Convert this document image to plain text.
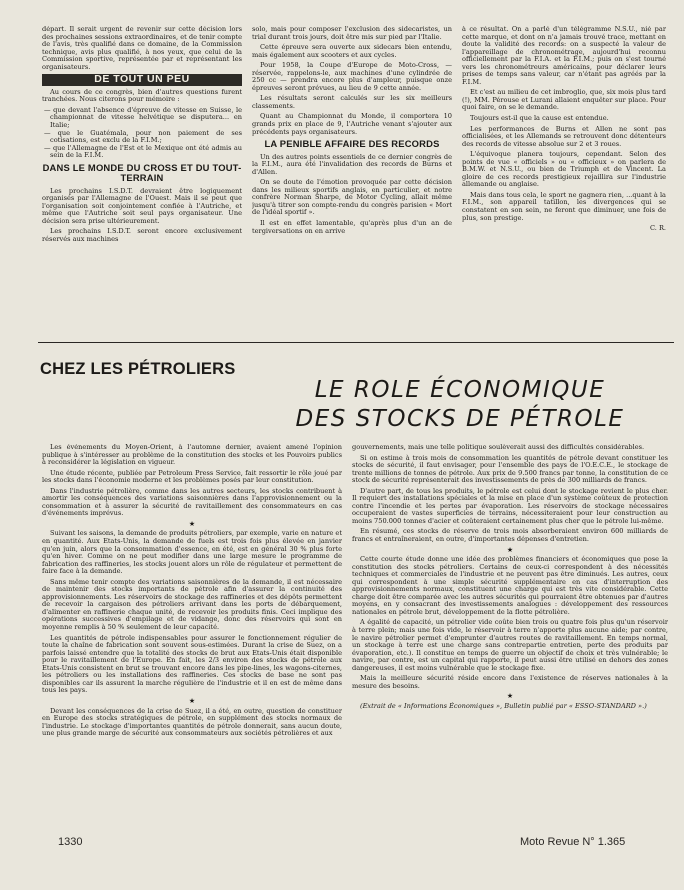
départ. Il serait urgent de revenir sur cette décision lors des prochaines sessions extraordinaires, et de tenir compte de l'avis, très qualifié dans ce domaine, de la Commission technique, avis plus qualifié, à nos yeux, que celui de la Commission sportive, représentée par et représentant les organisateurs.

DE TOUT UN PEU

Au cours de ce congrès, bien d'autres questions furent tranchées. Nous citerons pour mémoire :

— que devant l'absence d'épreuve de vitesse en Suisse, le championnat de vitesse helvétique se disputera... en Italie;
— que le Guatémala, pour non paiement de ses cotisations, est exclu de la F.I.M.;
— que l'Allemagne de l'Est et le Mexique ont été admis au sein de la F.I.M.
DANS LE MONDE DU CROSS ET DU TOUT-TERRAIN

Les prochains I.S.D.T. devraient être logiquement organisés par l'Allemagne de l'Ouest. Mais il se peut que l'organisation soit conjointement confiée à l'Autriche, et même que l'Autriche soit seul pays organisateur. Une décision sera prise ultérieurement.

Les prochains I.S.D.T. seront encore exclusivement réservés aux machines

solo, mais pour composer l'exclusion des sidecaristes, un trial durant trois jours, doit être mis sur pied par l'Italie.

Cette épreuve sera ouverte aux sidecars bien entendu, mais également aux scooters et aux cycles.

Pour 1958, la Coupe d'Europe de Moto-Cross, — réservée, rappelons-le, aux machines d'une cylindrée de 250 cc — prendra encore plus d'ampleur, puisque onze épreuves seront prévues, au lieu de 9 cette année.

Les résultats seront calculés sur les six meilleurs classements.

Quant au Championnat du Monde, il comportera 10 grands prix en place de 9, l'Autriche venant s'ajouter aux précédents pays organisateurs.

LA PENIBLE AFFAIRE DES RECORDS

Un des autres points essentiels de ce dernier congrès de la F.I.M., aura été l'invalidation des records de Burns et d'Allen.

On se doute de l'émotion provoquée par cette décision dans les milieux sportifs anglais, en particulier, et notre confrère Norman Sharpe, de Motor Cycling, allait même jusqu'à titrer son compte-rendu du congrès parisien « Mort de l'idéal sportif ».

Il est en effet lamentable, qu'après plus d'un an de tergiversations on en arrive

à ce résultat. On a parlé d'un télégramme N.S.U., nié par cette marque, et dont on n'a jamais trouvé trace, mettant en doute la validité des records: on a suspecté la valeur de l'appareillage de chronométrage, aujourd'hui reconnu officiellement par la F.I.A. et la F.I.M.; puis on s'est tourné vers les chronométreurs américains, pour déclarer leurs prises de temps sans valeur, car n'étant pas agréés par la F.I.M.

Et c'est au milieu de cet imbroglio, que, six mois plus tard (!), MM. Pérouse et Lurani allaient enquêter sur place. Pour quoi faire, on se le demande.

Toujours est-il que la cause est entendue.

Les performances de Burns et Allen ne sont pas officialisées, et les Allemands se retrouvent donc détenteurs des records de vitesse absolue sur 2 et 3 roues.

L'équivoque planera toujours, cependant. Selon des points de vue « officiels » ou « officieux » on parlera de B.M.W. et N.S.U., ou bien de Triumph et de Vincent. La gloire de ces records prestigieux rejaillira sur l'industrie allemande ou anglaise.

Mais dans tous cela, le sport ne gagnera rien, ...quant à la F.I.M., son appareil tatillon, les divergences qui se constatent en son sein, ne feront que diminuer, une fois de plus, son prestige.

C. R.
CHEZ LES PÉTROLIERS
LE ROLE ÉCONOMIQUE
DES STOCKS DE PÉTROLE

Les événements du Moyen-Orient, à l'automne dernier, avaient amené l'opinion publique à s'intéresser au problème de la constitution des stocks et les Pouvoirs publics à reconsidérer la législation en vigueur.

Une étude récente, publiée par Petroleum Press Service, fait ressortir le rôle joué par les stocks dans l'économie moderne et les problèmes posés par leur constitution.

Dans l'industrie pétrolière, comme dans les autres secteurs, les stocks contribuent à amortir les conséquences des variations saisonnières dans l'approvisionnement ou la consommation et à assurer la sécurité de ravitaillement des consommateurs en cas d'événements imprévus.

★

Suivant les saisons, la demande de produits pétroliers, par exemple, varie en nature et en quantité. Aux Etats-Unis, la demande de fuels est trois fois plus élevée en janvier qu'en juin, alors que la consommation d'essence, en été, est en général 30 % plus forte qu'en hiver. Comme on ne peut modifier dans une large mesure le programme de fabrication des raffineries, les stocks jouent alors un rôle de régulateur et permettent de faire face à la demande.

Sans même tenir compte des variations saisonnières de la demande, il est nécessaire de maintenir des stocks importants de pétrole afin d'assurer la continuité des approvisionnements. Les réservoirs de stockage des raffineries et des dépôts permettent de recevoir la cargaison des pétroliers arrivant dans les ports de débarquement, d'alimenter en raffinerie chaque unité, de recevoir les produits finis. Ceci implique des opérations successives d'empilage et de vidange, donc des réservoirs qui sont en moyenne remplis à 50 % seulement de leur capacité.

Les quantités de pétrole indispensables pour assurer le fonctionnement régulier de toute la chaîne de fabrication sont souvent sous-estimées. Durant la crise de Suez, on a parfois laissé entendre que la totalité des stocks de brut aux Etats-Unis était disponible pour le ravitaillement de l'Europe. En fait, les 2/3 environ des stocks de pétrole aux Etats-Unis consistent en brut se trouvant encore dans les pipe-lines, les wagons-citernes, les pétroliers ou les installations des raffineries. Ces stocks de base ne sont pas disponibles car ils assurent la marche régulière de l'industrie et il en est de même dans tous les pays.

★

Devant les conséquences de la crise de Suez, il a été, en outre, question de constituer en Europe des stocks stratégiques de pétrole, en supplément des stocks normaux de l'industrie. Le stockage d'importantes quantités de pétrole donnerait, sans aucun doute, une plus grande marge de sécurité aux consommateurs aux sociétés pétrolières et aux

gouvernements, mais une telle politique soulèverait aussi des difficultés considérables.

Si on estime à trois mois de consommation les quantités de pétrole devant constituer les stocks de sécurité, il faut envisager, pour l'ensemble des pays de l'O.E.C.E., le stockage de trente millions de tonnes de pétrole. Aux prix de 9.500 francs par tonne, la constitution de ce stock de sécurité représenterait des investissements de près de 300 milliards de francs.

D'autre part, de tous les produits, le pétrole est celui dont le stockage revient le plus cher. Il requiert des installations spéciales et la mise en place d'un système coûteux de protection contre l'incendie et les pertes par évaporation. Les réservoirs de stockage nécessaires occuperaient de vastes superficies de terrains, nécessiteraient pour leur construction au moins 750.000 tonnes d'acier et coûteraient certainement plus cher que le pétrole lui-même.

En résumé, ces stocks de réserve de trois mois absorberaient environ 600 milliards de francs et entraîneraient, en outre, d'importantes dépenses d'entretien.

★

Cette courte étude donne une idée des problèmes financiers et économiques que pose la constitution des stocks pétroliers. Certains de ceux-ci correspondent à des nécessités techniques et commerciales de l'industrie et ne peuvent pas être diminués. Les autres, ceux qui correspondent à une simple sécurité supplémentaire en cas d'interruption des approvisionnements normaux, constituent une charge qui est très vite considérable. Cette charge doit être comparée avec les autres sécurités qui pourraient être obtenues par d'autres moyens, en y consacrant des investissements analogues : développement des ressources nationales en pétrole brut, développement de la flotte pétrolière.

A égalité de capacité, un pétrolier vide coûte bien trois ou quatre fois plus qu'un réservoir à terre plein; mais une fois vide, le réservoir à terre n'apporte plus aucune aide; par contre, le navire pétrolier permet d'emprunter d'autres routes de ravitaillement. En temps normal, un stockage à terre est une charge sans contrepartie entretien, perte des produits par évaporation, etc.). Il constitue en temps de guerre un objectif de choix et très vulnérable; le navire, par contre, est un capital qui rapporte, il peut aussi être utilisé en dehors des zones dangereuses, il est moins vulnérable que le stockage fixe.

Mais la meilleure sécurité réside encore dans l'existence de réserves nationales à la mesure des besoins.

★

(Extrait de « Informations Économiques », Bulletin publié par « ESSO-STANDARD ».)

1330	Moto Revue N° 1.365
